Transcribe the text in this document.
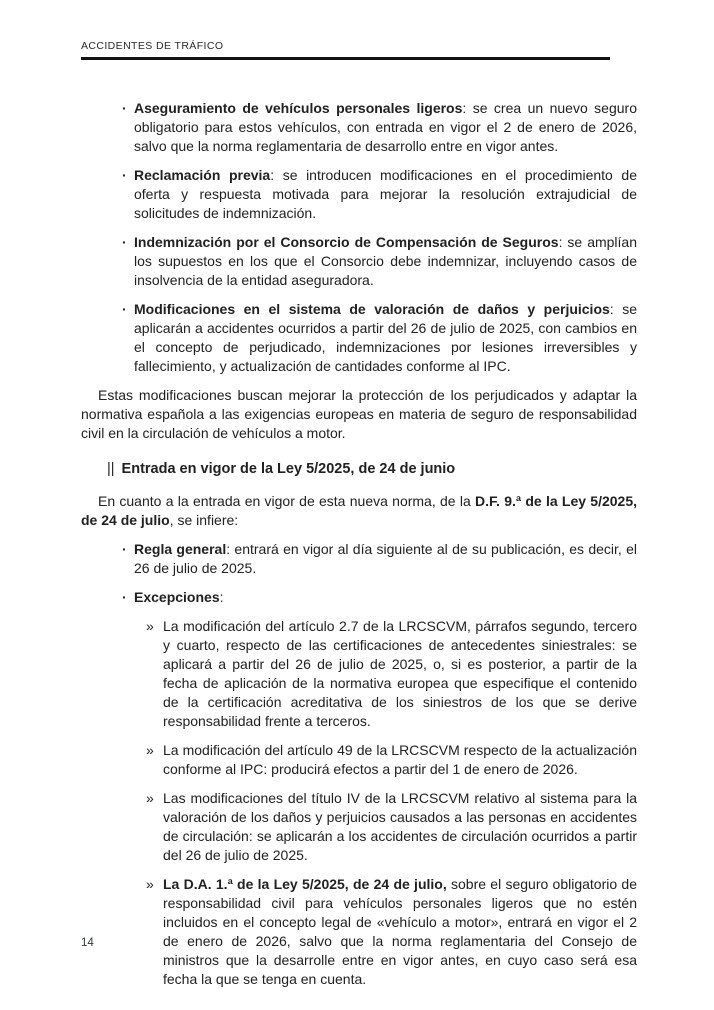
ACCIDENTES DE TRÁFICO
· Aseguramiento de vehículos personales ligeros: se crea un nuevo seguro obligatorio para estos vehículos, con entrada en vigor el 2 de enero de 2026, salvo que la norma reglamentaria de desarrollo entre en vigor antes.
· Reclamación previa: se introducen modificaciones en el procedimiento de oferta y respuesta motivada para mejorar la resolución extrajudicial de solicitudes de indemnización.
· Indemnización por el Consorcio de Compensación de Seguros: se amplían los supuestos en los que el Consorcio debe indemnizar, incluyendo casos de insolvencia de la entidad aseguradora.
· Modificaciones en el sistema de valoración de daños y perjuicios: se aplicarán a accidentes ocurridos a partir del 26 de julio de 2025, con cambios en el concepto de perjudicado, indemnizaciones por lesiones irreversibles y fallecimiento, y actualización de cantidades conforme al IPC.
Estas modificaciones buscan mejorar la protección de los perjudicados y adaptar la normativa española a las exigencias europeas en materia de seguro de responsabilidad civil en la circulación de vehículos a motor.
|| Entrada en vigor de la Ley 5/2025, de 24 de junio
En cuanto a la entrada en vigor de esta nueva norma, de la D.F. 9.ª de la Ley 5/2025, de 24 de julio, se infiere:
· Regla general: entrará en vigor al día siguiente al de su publicación, es decir, el 26 de julio de 2025.
· Excepciones:
» La modificación del artículo 2.7 de la LRCSCVM, párrafos segundo, tercero y cuarto, respecto de las certificaciones de antecedentes siniestrales: se aplicará a partir del 26 de julio de 2025, o, si es posterior, a partir de la fecha de aplicación de la normativa europea que especifique el contenido de la certificación acreditativa de los siniestros de los que se derive responsabilidad frente a terceros.
» La modificación del artículo 49 de la LRCSCVM respecto de la actualización conforme al IPC: producirá efectos a partir del 1 de enero de 2026.
» Las modificaciones del título IV de la LRCSCVM relativo al sistema para la valoración de los daños y perjuicios causados a las personas en accidentes de circulación: se aplicarán a los accidentes de circulación ocurridos a partir del 26 de julio de 2025.
» La D.A. 1.ª de la Ley 5/2025, de 24 de julio, sobre el seguro obligatorio de responsabilidad civil para vehículos personales ligeros que no estén incluidos en el concepto legal de «vehículo a motor», entrará en vigor el 2 de enero de 2026, salvo que la norma reglamentaria del Consejo de ministros que la desarrolle entre en vigor antes, en cuyo caso será esa fecha la que se tenga en cuenta.
14
